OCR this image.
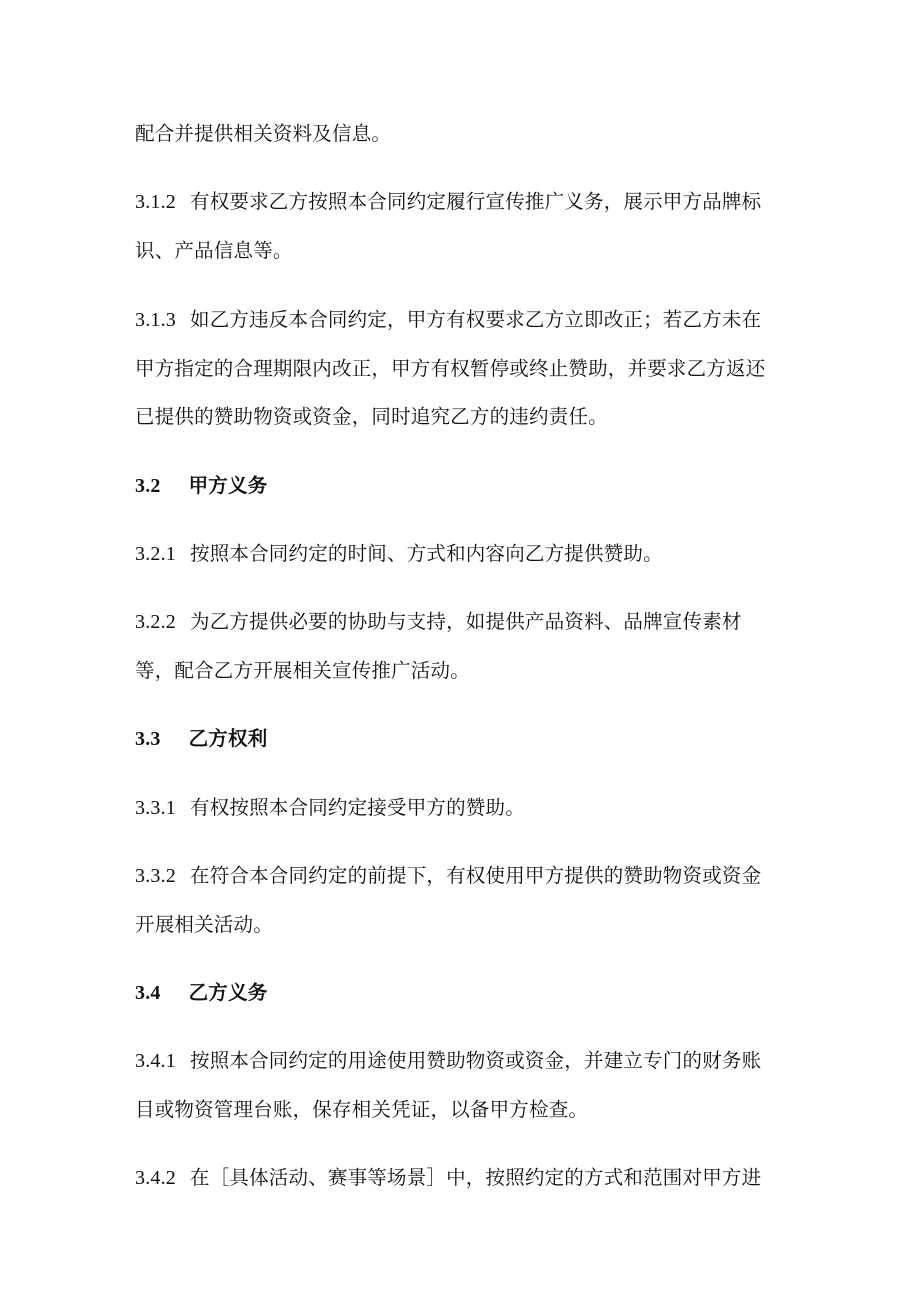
配合并提供相关资料及信息。
3.1.2 有权要求乙方按照本合同约定履行宣传推广义务，展示甲方品牌标
识、产品信息等。
3.1.3 如乙方违反本合同约定，甲方有权要求乙方立即改正；若乙方未在
甲方指定的合理期限内改正，甲方有权暂停或终止赞助，并要求乙方返还
已提供的赞助物资或资金，同时追究乙方的违约责任。
3.2 甲方义务
3.2.1 按照本合同约定的时间、方式和内容向乙方提供赞助。
3.2.2 为乙方提供必要的协助与支持，如提供产品资料、品牌宣传素材
等，配合乙方开展相关宣传推广活动。
3.3 乙方权利
3.3.1 有权按照本合同约定接受甲方的赞助。
3.3.2 在符合本合同约定的前提下，有权使用甲方提供的赞助物资或资金
开展相关活动。
3.4 乙方义务
3.4.1 按照本合同约定的用途使用赞助物资或资金，并建立专门的财务账
目或物资管理台账，保存相关凭证，以备甲方检查。
3.4.2 在［具体活动、赛事等场景］中，按照约定的方式和范围对甲方进
